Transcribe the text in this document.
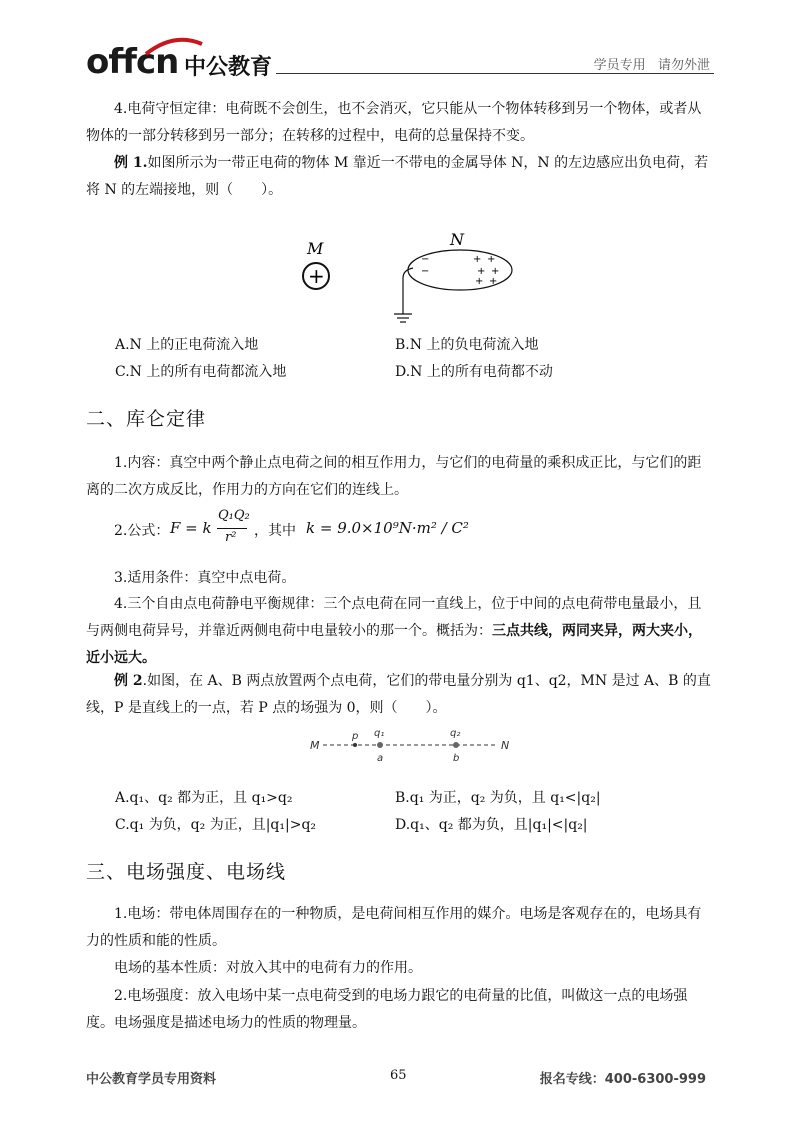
offcn 中公教育	学员专用   请勿外泄
4.电荷守恒定律：电荷既不会创生，也不会消灭，它只能从一个物体转移到另一个物体，或者从物体的一部分转移到另一部分；在转移的过程中，电荷的总量保持不变。
例 1.如图所示为一带正电荷的物体 M 靠近一不带电的金属导体 N，N 的左边感应出负电荷，若将 N 的左端接地，则（　　）。
M
+
N
−
−
+ +
+ +
+ +
A.N 上的正电荷流入地	B.N 上的负电荷流入地
C.N 上的所有电荷都流入地	D.N 上的所有电荷都不动
二、库仑定律
1.内容：真空中两个静止点电荷之间的相互作用力，与它们的电荷量的乘积成正比，与它们的距离的二次方成反比，作用力的方向在它们的连线上。
2.公式： F = k
Q₁Q₂
r² ，其中 k = 9.0×10⁹N·m² / C²
3.适用条件：真空中点电荷。
4.三个自由点电荷静电平衡规律：三个点电荷在同一直线上，位于中间的点电荷带电量最小，且与两侧电荷异号，并靠近两侧电荷中电量较小的那一个。概括为：三点共线，两同夹异，两大夹小，近小远大。
例 2.如图，在 A、B 两点放置两个点电荷，它们的带电量分别为 q1、q2，MN 是过 A、B 的直线，P 是直线上的一点，若 P 点的场强为 0，则（　　）。
M
p q₁
a
q₂
b
N
A.q₁、q₂ 都为正，且 q₁>q₂	B.q₁ 为正，q₂ 为负，且 q₁<|q₂|
C.q₁ 为负，q₂ 为正，且|q₁|>q₂	D.q₁、q₂ 都为负，且|q₁|<|q₂|
三、电场强度、电场线
1.电场：带电体周围存在的一种物质，是电荷间相互作用的媒介。电场是客观存在的，电场具有力的性质和能的性质。
电场的基本性质：对放入其中的电荷有力的作用。
2.电场强度：放入电场中某一点电荷受到的电场力跟它的电荷量的比值，叫做这一点的电场强度。电场强度是描述电场力的性质的物理量。
中公教育学员专用资料	65	报名专线：400-6300-999
